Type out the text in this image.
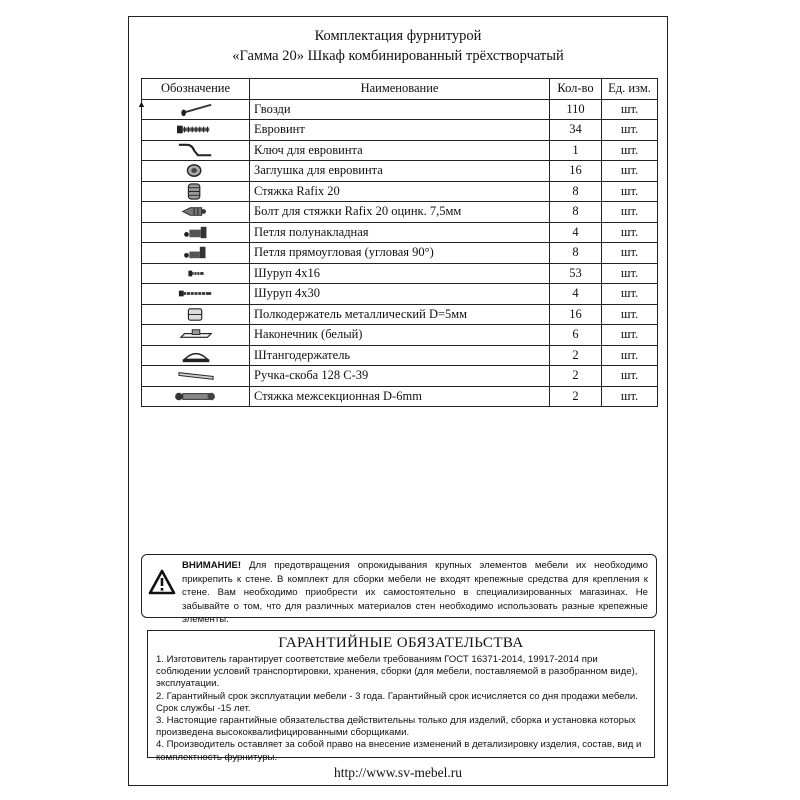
Комплектация фурнитурой
«Гамма 20» Шкаф комбинированный трёхстворчатый
Обозначение	Наименование	Кол-во	Ед. изм.

	Гвозди	110	шт.

	Евровинт	34	шт.

	Ключ для евровинта	1	шт.

	Заглушка для евровинта	16	шт.

	Стяжка Rafix 20	8	шт.

	Болт для стяжки Rafix 20 оцинк. 7,5мм	8	шт.

	Петля полунакладная	4	шт.

	Петля прямоугловая (угловая 90°)	8	шт.

	Шуруп 4х16	53	шт.

	Шуруп 4х30	4	шт.

	Полкодержатель металлический D=5мм	16	шт.

	Наконечник (белый)	6	шт.

	Штангодержатель	2	шт.

	Ручка-скоба 128 С-39	2	шт.

	Стяжка межсекционная D-6mm	2	шт.
▲
ВНИМАНИЕ! Для предотвращения опрокидывания крупных элементов мебели их необходимо прикрепить к стене. В комплект для сборки мебели не входят крепежные средства для крепления к стене. Вам необходимо приобрести их самостоятельно в специализированных магазинах. Не забывайте о том, что для различных материалов стен необходимо использовать разные крепежные элементы.
ГАРАНТИЙНЫЕ ОБЯЗАТЕЛЬСТВА
1. Изготовитель гарантирует соответствие мебели требованиям ГОСТ 16371-2014, 19917-2014 при соблюдении условий транспортировки, хранения, сборки (для мебели, поставляемой в разобранном виде), эксплуатации.
2. Гарантийный срок эксплуатации мебели - 3 года. Гарантийный срок исчисляется со дня продажи мебели. Срок службы -15 лет.
3. Настоящие гарантийные обязательства действительны только для изделий, сборка и установка которых произведена высококвалифицированными сборщиками.
4. Производитель оставляет за собой право на внесение изменений в детализировку изделия, состав, вид и комплектность фурнитуры.
http://www.sv-mebel.ru
